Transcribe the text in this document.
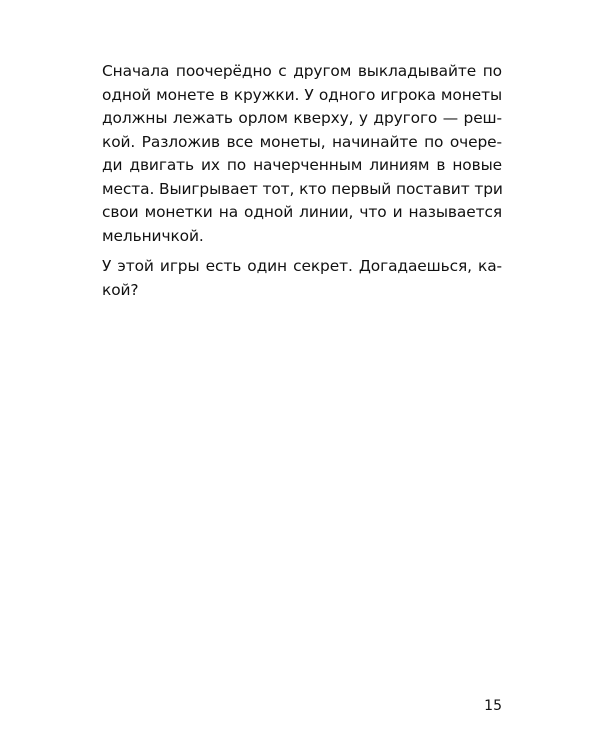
Сначала поочерёдно с другом выкладывайте по
одной монете в кружки. У одного игрока монеты
должны лежать орлом кверху, у другого — реш-
кой. Разложив все монеты, начинайте по очере-
ди двигать их по начерченным линиям в новые
места. Выигрывает тот, кто первый поставит три
свои монетки на одной линии, что и называется
мельничкой.

У этой игры есть один секрет. Догадаешься, ка-
кой?

15
